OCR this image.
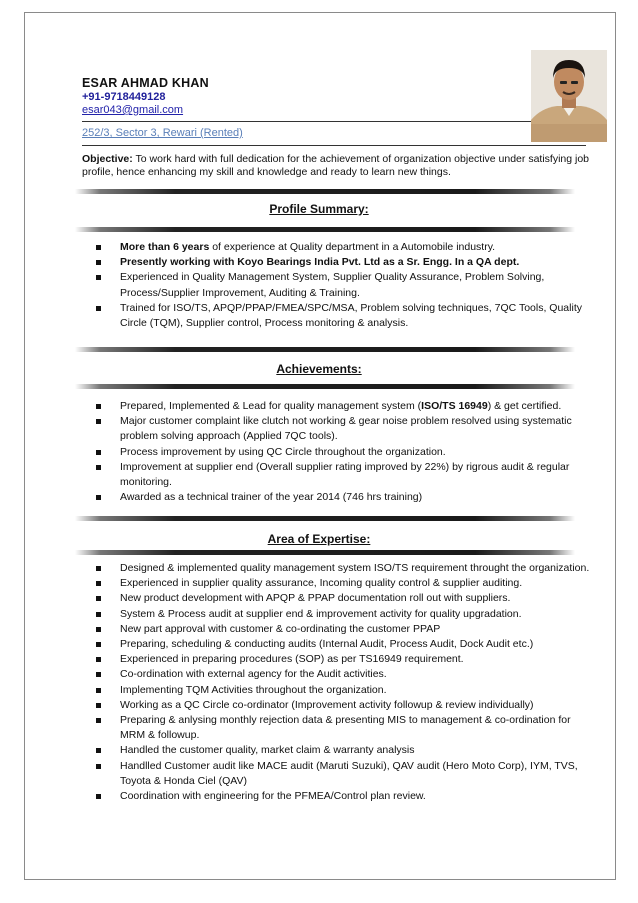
ESAR AHMAD KHAN
+91-9718449128
esar043@gmail.com
252/3, Sector 3, Rewari (Rented)
Objective: To work hard with full dedication for the achievement of organization objective under satisfying job profile, hence enhancing my skill and knowledge and ready to learn new things.
Profile Summary:
More than 6 years of experience at Quality department in a Automobile industry.
Presently working with Koyo Bearings India Pvt. Ltd as a Sr. Engg. In a QA dept.
Experienced in Quality Management System, Supplier Quality Assurance, Problem Solving, Process/Supplier Improvement, Auditing & Training.
Trained for ISO/TS, APQP/PPAP/FMEA/SPC/MSA, Problem solving techniques, 7QC Tools, Quality Circle (TQM), Supplier control, Process monitoring & analysis.
Achievements:
Prepared, Implemented & Lead for quality management system (ISO/TS 16949) & get certified.
Major customer complaint like clutch not working & gear noise problem resolved using systematic problem solving approach (Applied 7QC tools).
Process improvement by using QC Circle throughout the organization.
Improvement at supplier end (Overall supplier rating improved by 22%) by rigrous audit & regular monitoring.
Awarded as a technical trainer of the year 2014 (746 hrs training)
Area of Expertise:
Designed & implemented quality management system ISO/TS requirement throught the organization.
Experienced in supplier quality assurance, Incoming quality control & supplier auditing.
New product development with APQP & PPAP documentation roll out with suppliers.
System & Process audit at supplier end & improvement activity for quality upgradation.
New part approval with customer & co-ordinating the customer PPAP
Preparing, scheduling & conducting audits (Internal Audit, Process Audit, Dock Audit etc.)
Experienced in preparing procedures (SOP) as per TS16949 requirement.
Co-ordination with external agency for the Audit activities.
Implementing TQM Activities throughout the organization.
Working as a QC Circle co-ordinator (Improvement activity followup & review individually)
Preparing & anlysing monthly rejection data & presenting MIS to management & co-ordination for MRM & followup.
Handled the customer quality, market claim & warranty analysis
Handlled Customer audit like MACE audit (Maruti Suzuki), QAV audit (Hero Moto Corp), IYM, TVS, Toyota & Honda Ciel (QAV)
Coordination with engineering for the PFMEA/Control plan review.
